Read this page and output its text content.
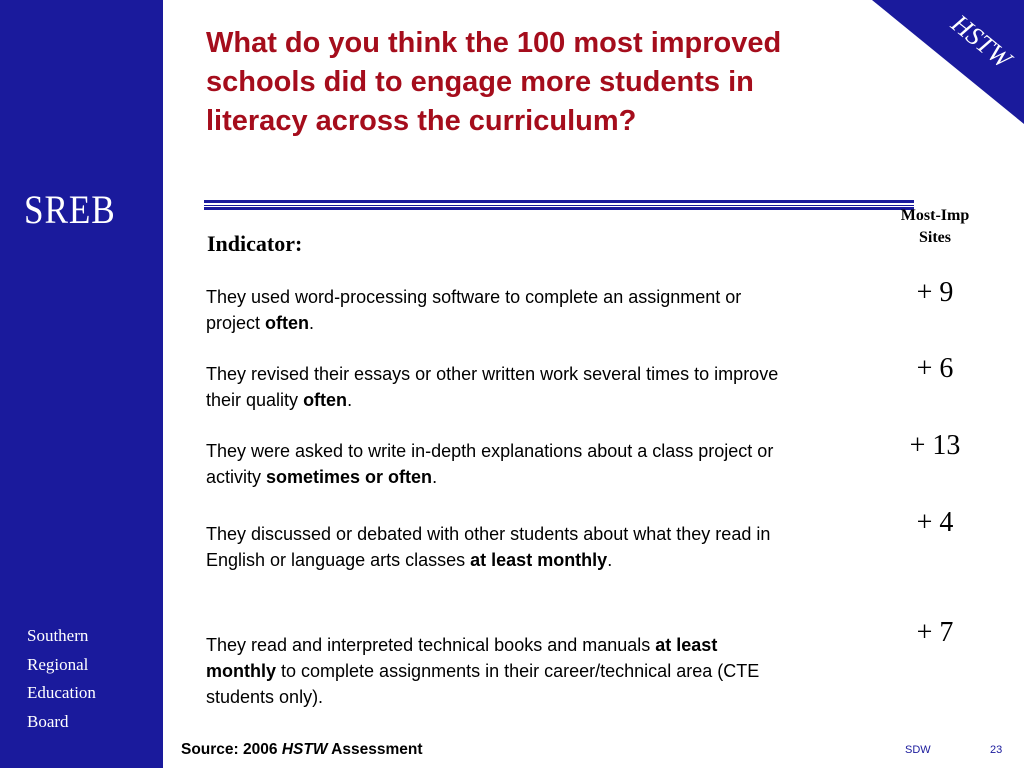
SREB
Southern
Regional
Education
Board
HSTW
What do you think the 100 most improved schools did to engage more students in literacy across the curriculum?
Most-Imp
Sites
Indicator:
They used word-processing software to complete an assignment or project often.
+ 9
They revised their essays or other written work several times to improve their quality often.
+ 6
They were asked to write in-depth explanations about a class project or activity sometimes or often.
+ 13
They discussed or debated with other students about what they read in English or language arts classes at least monthly.
+ 4
They read and interpreted technical books and manuals at least monthly to complete assignments in their career/technical area (CTE students only).
+ 7
Source: 2006 HSTW Assessment	SDW	23
